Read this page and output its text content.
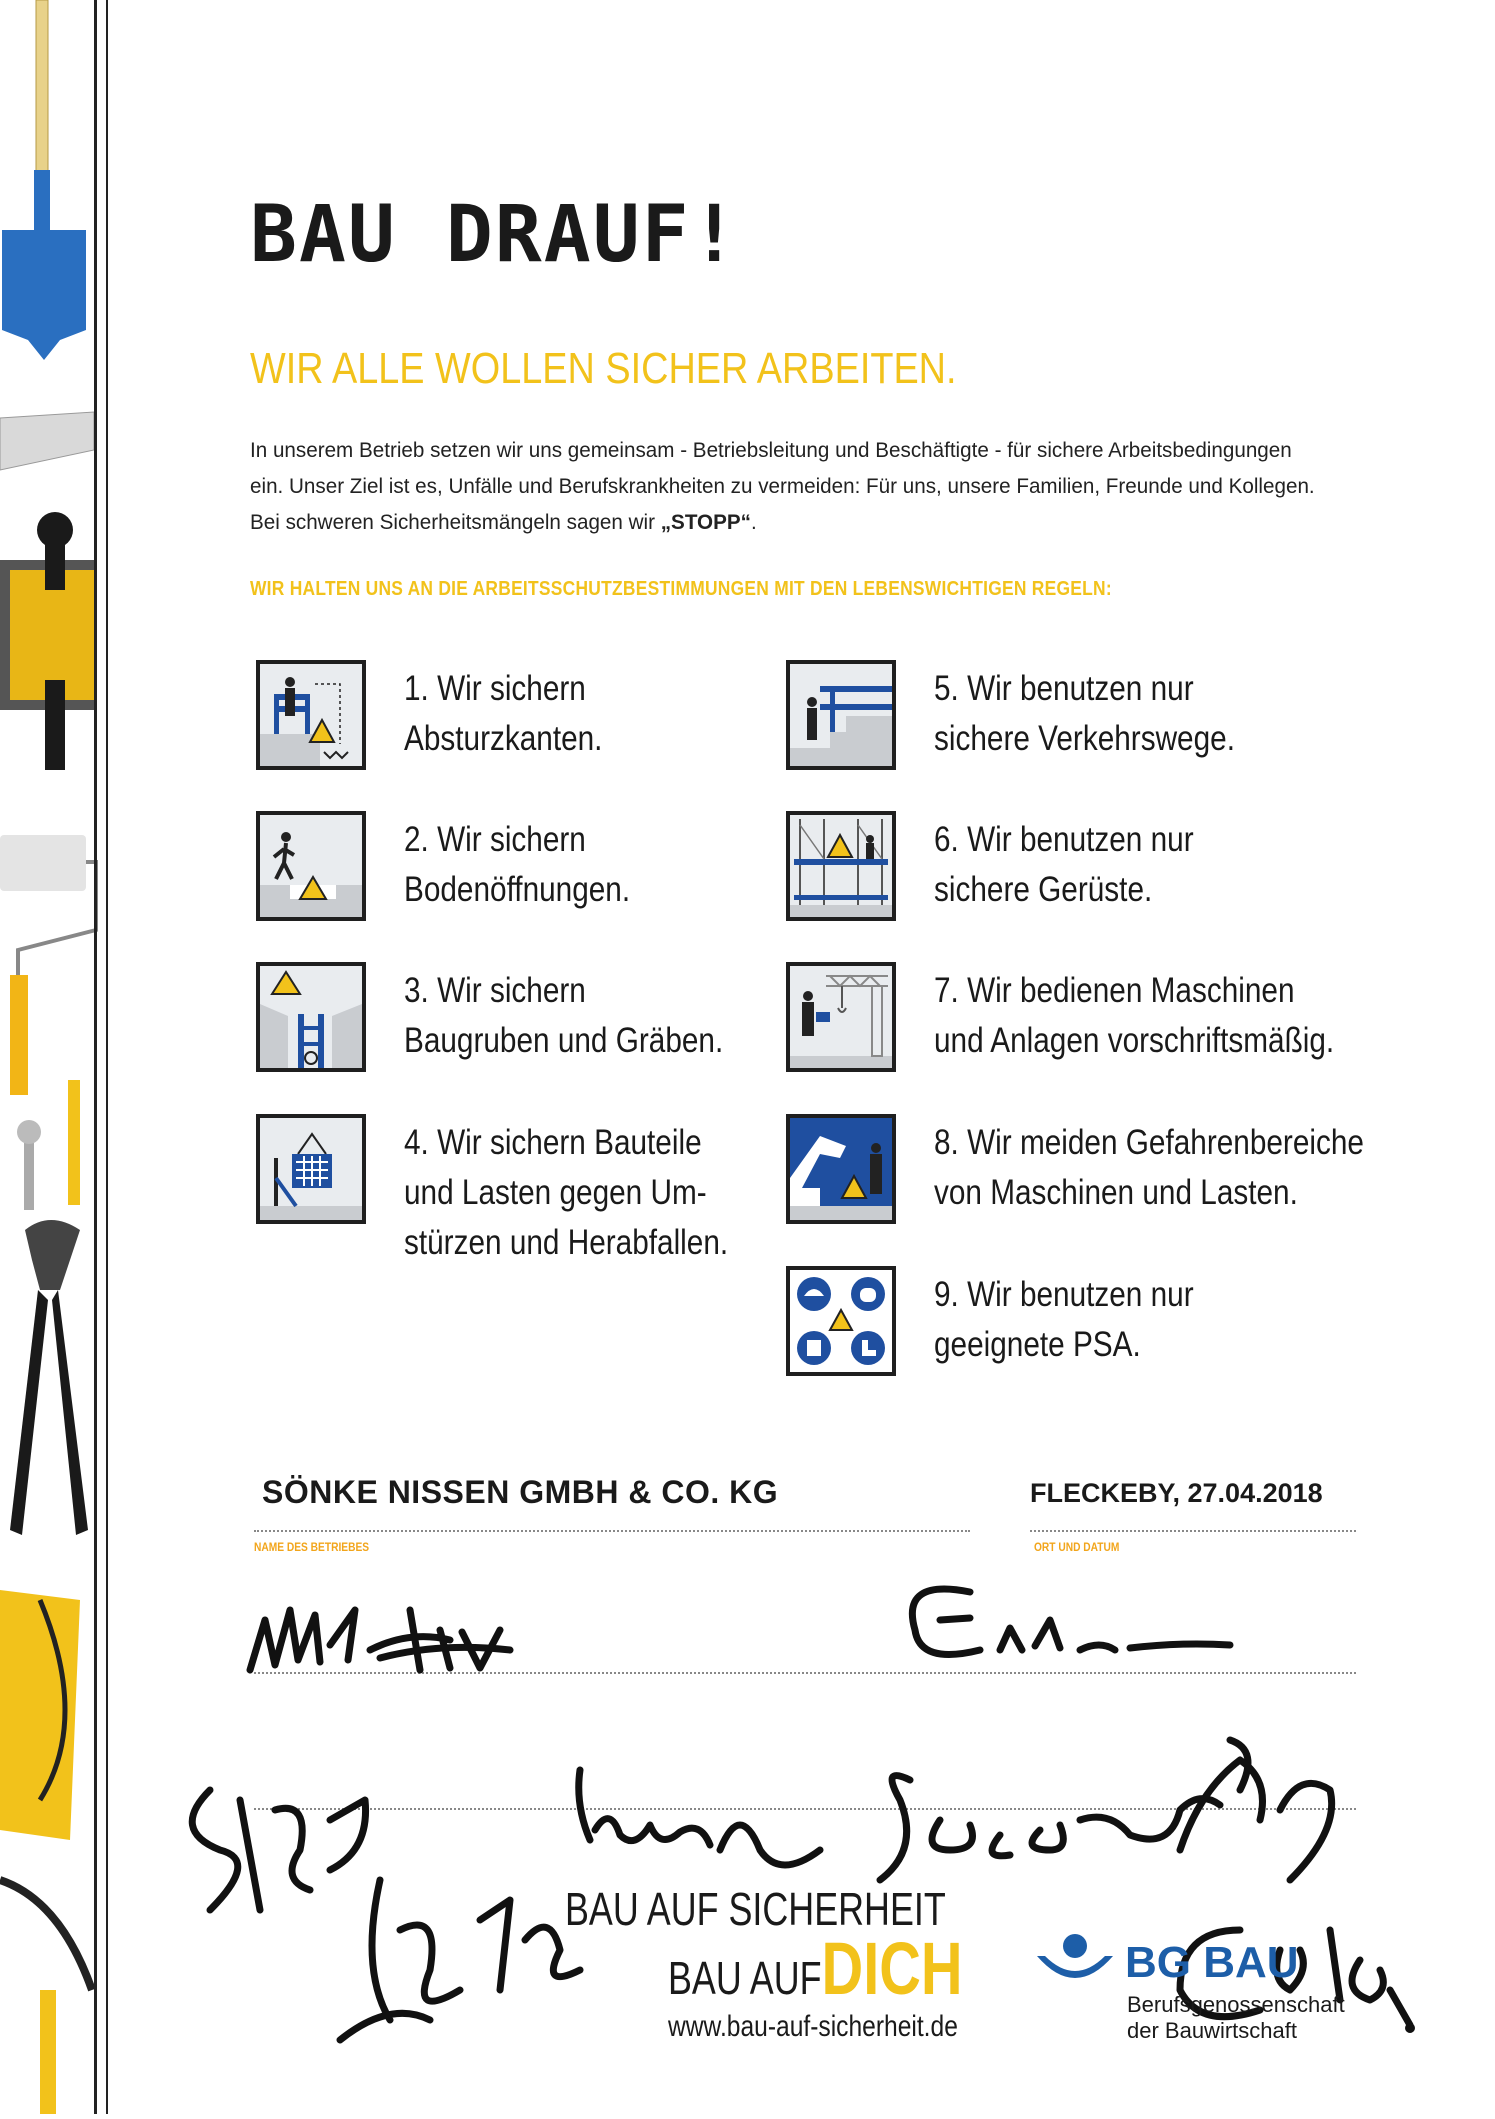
BAU DRAUF!
WIR ALLE WOLLEN SICHER ARBEITEN.
In unserem Betrieb setzen wir uns gemeinsam - Betriebsleitung und Beschäftigte - für sichere Arbeitsbedingungen
ein. Unser Ziel ist es, Unfälle und Berufskrankheiten zu vermeiden: Für uns, unsere Familien, Freunde und Kollegen.
Bei schweren Sicherheitsmängeln sagen wir „STOPP“.
WIR HALTEN UNS AN DIE ARBEITSSCHUTZBESTIMMUNGEN MIT DEN LEBENSWICHTIGEN REGELN:
1. Wir sichern
Absturzkanten.
2. Wir sichern
Bodenöffnungen.
3. Wir sichern
Baugruben und Gräben.
4. Wir sichern Bauteile
und Lasten gegen Um-
stürzen und Herabfallen.
5. Wir benutzen nur
sichere Verkehrswege.
6. Wir benutzen nur
sichere Gerüste.
7. Wir bedienen Maschinen
und Anlagen vorschriftsmäßig.
8. Wir meiden Gefahrenbereiche
von Maschinen und Lasten.
9. Wir benutzen nur
geeignete PSA.
SÖNKE NISSEN GMBH & CO. KG
NAME DES BETRIEBES
FLECKEBY, 27.04.2018
ORT UND DATUM
BAU AUF SICHERHEIT
BAU AUFDICH
www.bau-auf-sicherheit.de
BG BAU
Berufsgenossenschaft
der Bauwirtschaft
